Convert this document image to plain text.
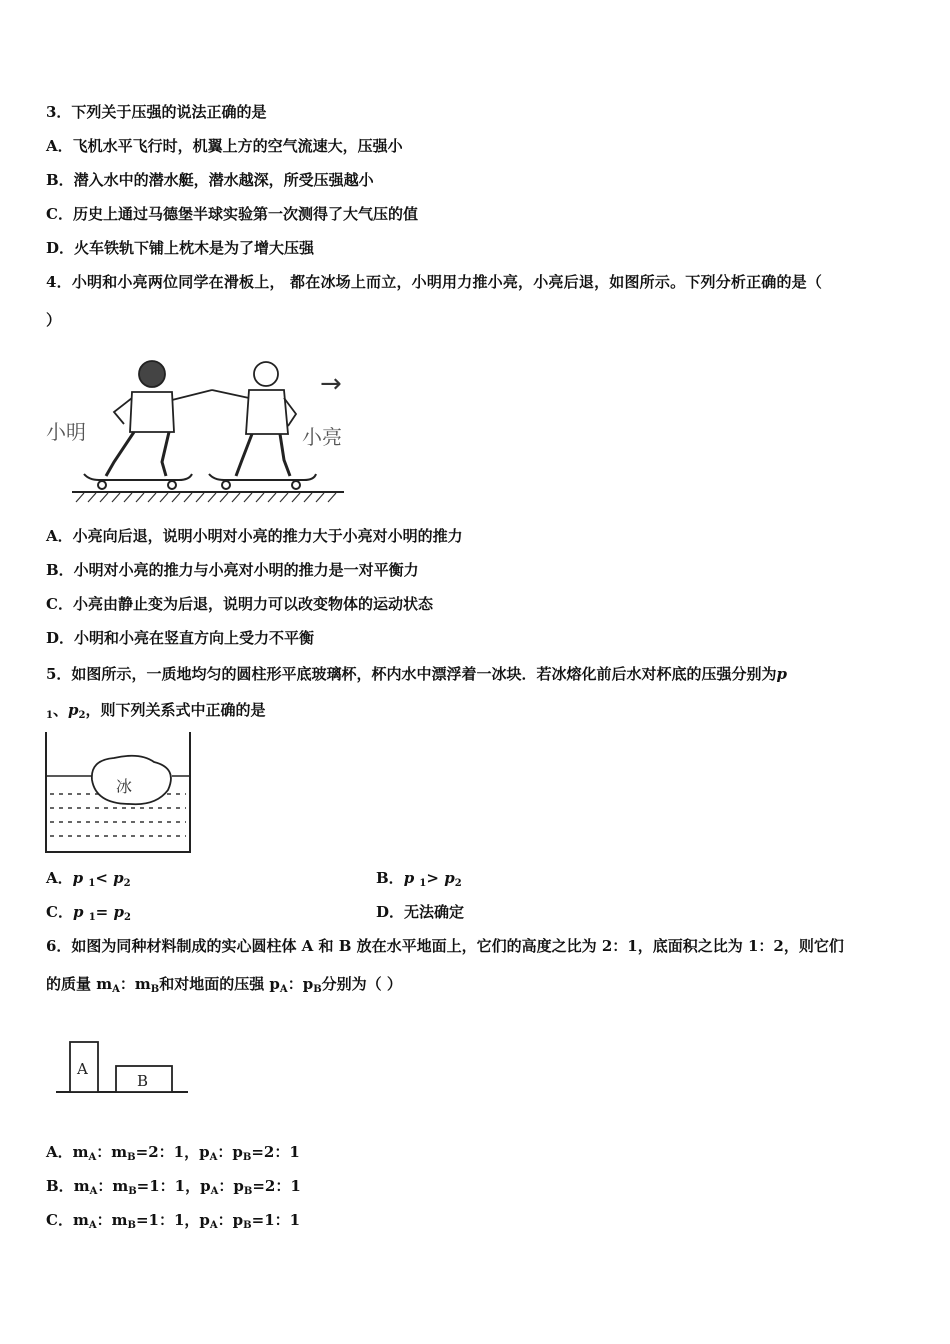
3．下列关于压强的说法正确的是
A．飞机水平飞行时，机翼上方的空气流速大，压强小
B．潜入水中的潜水艇，潜水越深，所受压强越小
C．历史上通过马德堡半球实验第一次测得了大气压的值
D．火车铁轨下铺上枕木是为了增大压强
4．小明和小亮两位同学在滑板上， 都在冰场上而立，小明用力推小亮，小亮后退，如图所示。下列分析正确的是（
）
小明	小亮
→
A．小亮向后退，说明小明对小亮的推力大于小亮对小明的推力
B．小明对小亮的推力与小亮对小明的推力是一对平衡力
C．小亮由静止变为后退，说明力可以改变物体的运动状态
D．小明和小亮在竖直方向上受力不平衡
5．如图所示，一质地均匀的圆柱形平底玻璃杯，杯内水中漂浮着一冰块．若冰熔化前后水对杯底的压强分别为p
$_1$、$p_2$，则下列关系式中正确的是
冰
A．p $_1< p_2$	B．p $_1> p_2$
C．p $_1= p_2$	D．无法确定
6．如图为同种材料制成的实心圆柱体 A 和 B 放在水平地面上，它们的高度之比为 2：1，底面积之比为 1：2，则它们
的质量 $m_A$：$m_B$和对地面的压强 $p_A$：$p_B$分别为（ ）
A
B
A．$m_A$：$m_B=2$：1，$p_A$：$p_B=2$：1
B．$m_A$：$m_B=1$：1，$p_A$：$p_B=2$：1
C．$m_A$：$m_B=1$：1，$p_A$：$p_B=1$：1
